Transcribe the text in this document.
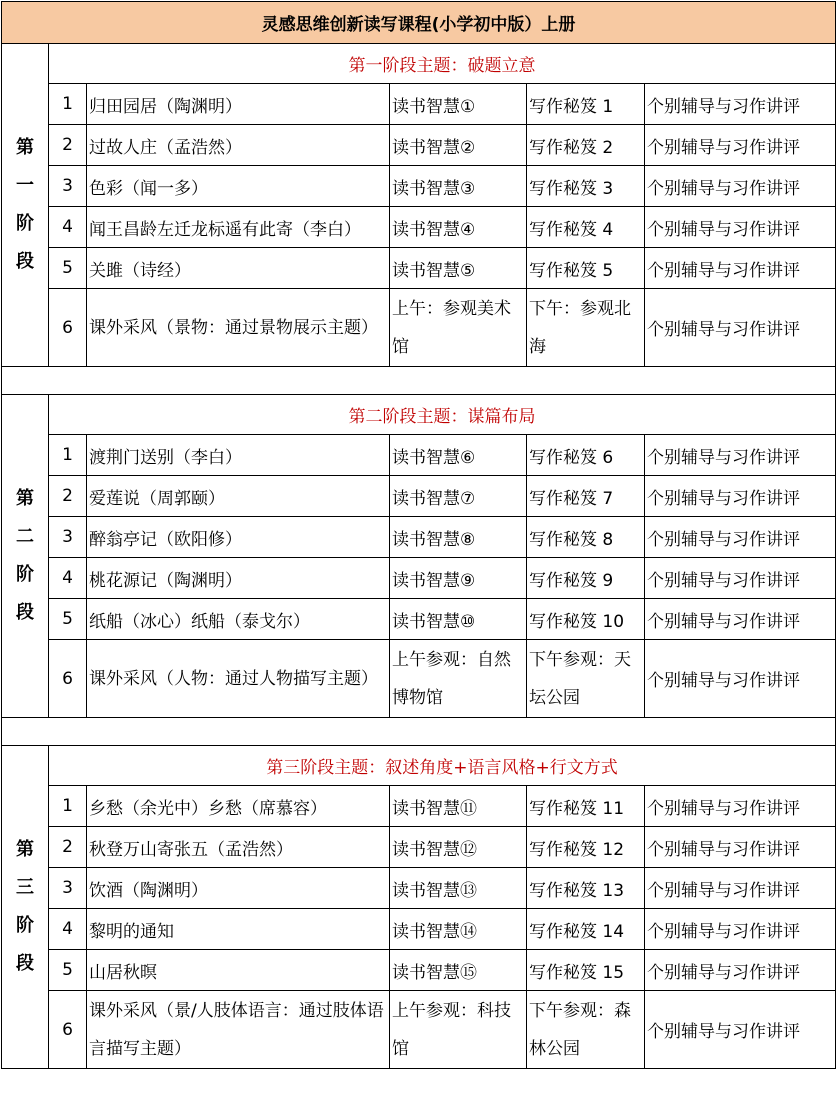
灵感思维创新读写课程(小学初中版）上册					

第
一
阶
段	第一阶段主题：破题立意				
	1	归田园居（陶渊明）	读书智慧①	写作秘笈 1	个别辅导与习作讲评
	2	过故人庄（孟浩然）	读书智慧②	写作秘笈 2	个别辅导与习作讲评
	3	色彩（闻一多）	读书智慧③	写作秘笈 3	个别辅导与习作讲评
	4	闻王昌龄左迁龙标遥有此寄（李白）	读书智慧④	写作秘笈 4	个别辅导与习作讲评
	5	关雎（诗经）	读书智慧⑤	写作秘笈 5	个别辅导与习作讲评
	6	课外采风（景物：通过景物展示主题）	上午：参观美术馆	下午：参观北海	个别辅导与习作讲评

第
二
阶
段	第二阶段主题：谋篇布局				
	1	渡荆门送别（李白）	读书智慧⑥	写作秘笈 6	个别辅导与习作讲评
	2	爱莲说（周郭颐）	读书智慧⑦	写作秘笈 7	个别辅导与习作讲评
	3	醉翁亭记（欧阳修）	读书智慧⑧	写作秘笈 8	个别辅导与习作讲评
	4	桃花源记（陶渊明）	读书智慧⑨	写作秘笈 9	个别辅导与习作讲评
	5	纸船（冰心）纸船（泰戈尔）	读书智慧⑩	写作秘笈 10	个别辅导与习作讲评
	6	课外采风（人物：通过人物描写主题）	上午参观：自然博物馆	下午参观：天坛公园	个别辅导与习作讲评

第
三
阶
段	第三阶段主题：叙述角度+语言风格+行文方式				
	1	乡愁（余光中）乡愁（席慕容）	读书智慧⑪	写作秘笈 11	个别辅导与习作讲评
	2	秋登万山寄张五（孟浩然）	读书智慧⑫	写作秘笈 12	个别辅导与习作讲评
	3	饮酒（陶渊明）	读书智慧⑬	写作秘笈 13	个别辅导与习作讲评
	4	黎明的通知	读书智慧⑭	写作秘笈 14	个别辅导与习作讲评
	5	山居秋暝	读书智慧⑮	写作秘笈 15	个别辅导与习作讲评
	6	课外采风（景/人肢体语言：通过肢体语言描写主题）	上午参观：科技馆	下午参观：森林公园	个别辅导与习作讲评
